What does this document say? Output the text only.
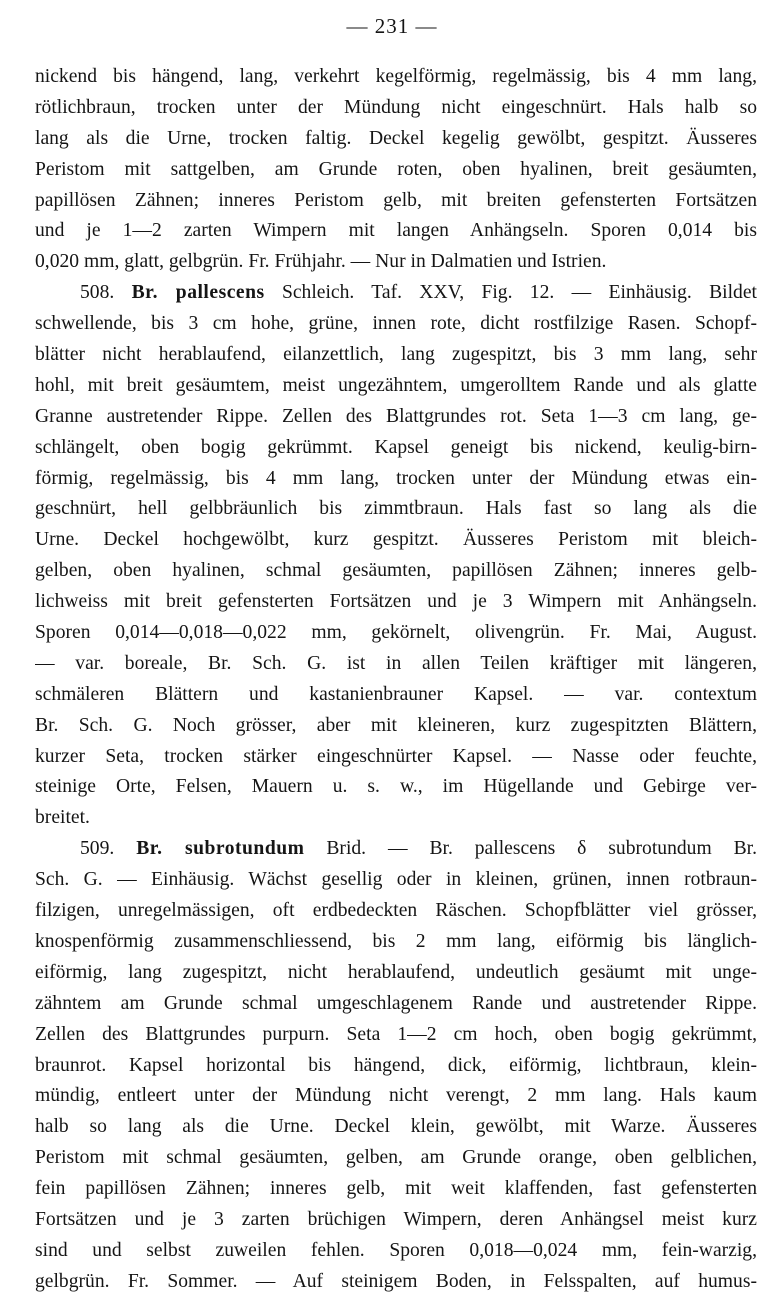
— 231 —
nickend bis hängend, lang, verkehrt kegelförmig, regelmässig, bis 4 mm lang,
rötlichbraun, trocken unter der Mündung nicht eingeschnürt. Hals halb so
lang als die Urne, trocken faltig. Deckel kegelig gewölbt, gespitzt. Äusseres
Peristom mit sattgelben, am Grunde roten, oben hyalinen, breit gesäumten,
papillösen Zähnen; inneres Peristom gelb, mit breiten gefensterten Fortsätzen
und je 1—2 zarten Wimpern mit langen Anhängseln. Sporen 0,014 bis
0,020 mm, glatt, gelbgrün. Fr. Frühjahr. — Nur in Dalmatien und Istrien.
508. Br. pallescens Schleich. Taf. XXV, Fig. 12. — Einhäusig. Bildet
schwellende, bis 3 cm hohe, grüne, innen rote, dicht rostfilzige Rasen. Schopf-
blätter nicht herablaufend, eilanzettlich, lang zugespitzt, bis 3 mm lang, sehr
hohl, mit breit gesäumtem, meist ungezähntem, umgerolltem Rande und als glatte
Granne austretender Rippe. Zellen des Blattgrundes rot. Seta 1—3 cm lang, ge-
schlängelt, oben bogig gekrümmt. Kapsel geneigt bis nickend, keulig-birn-
förmig, regelmässig, bis 4 mm lang, trocken unter der Mündung etwas ein-
geschnürt, hell gelbbräunlich bis zimmtbraun. Hals fast so lang als die
Urne. Deckel hochgewölbt, kurz gespitzt. Äusseres Peristom mit bleich-
gelben, oben hyalinen, schmal gesäumten, papillösen Zähnen; inneres gelb-
lichweiss mit breit gefensterten Fortsätzen und je 3 Wimpern mit Anhängseln.
Sporen 0,014—0,018—0,022 mm, gekörnelt, olivengrün. Fr. Mai, August.
— var. boreale, Br. Sch. G. ist in allen Teilen kräftiger mit längeren,
schmäleren Blättern und kastanienbrauner Kapsel. — var. contextum
Br. Sch. G. Noch grösser, aber mit kleineren, kurz zugespitzten Blättern,
kurzer Seta, trocken stärker eingeschnürter Kapsel. — Nasse oder feuchte,
steinige Orte, Felsen, Mauern u. s. w., im Hügellande und Gebirge ver-
breitet.
509. Br. subrotundum Brid. — Br. pallescens δ subrotundum Br.
Sch. G. — Einhäusig. Wächst gesellig oder in kleinen, grünen, innen rotbraun-
filzigen, unregelmässigen, oft erdbedeckten Räschen. Schopfblätter viel grösser,
knospenförmig zusammenschliessend, bis 2 mm lang, eiförmig bis länglich-
eiförmig, lang zugespitzt, nicht herablaufend, undeutlich gesäumt mit unge-
zähntem am Grunde schmal umgeschlagenem Rande und austretender Rippe.
Zellen des Blattgrundes purpurn. Seta 1—2 cm hoch, oben bogig gekrümmt,
braunrot. Kapsel horizontal bis hängend, dick, eiförmig, lichtbraun, klein-
mündig, entleert unter der Mündung nicht verengt, 2 mm lang. Hals kaum
halb so lang als die Urne. Deckel klein, gewölbt, mit Warze. Äusseres
Peristom mit schmal gesäumten, gelben, am Grunde orange, oben gelblichen,
fein papillösen Zähnen; inneres gelb, mit weit klaffenden, fast gefensterten
Fortsätzen und je 3 zarten brüchigen Wimpern, deren Anhängsel meist kurz
sind und selbst zuweilen fehlen. Sporen 0,018—0,024 mm, fein-warzig,
gelbgrün. Fr. Sommer. — Auf steinigem Boden, in Felsspalten, auf humus-
